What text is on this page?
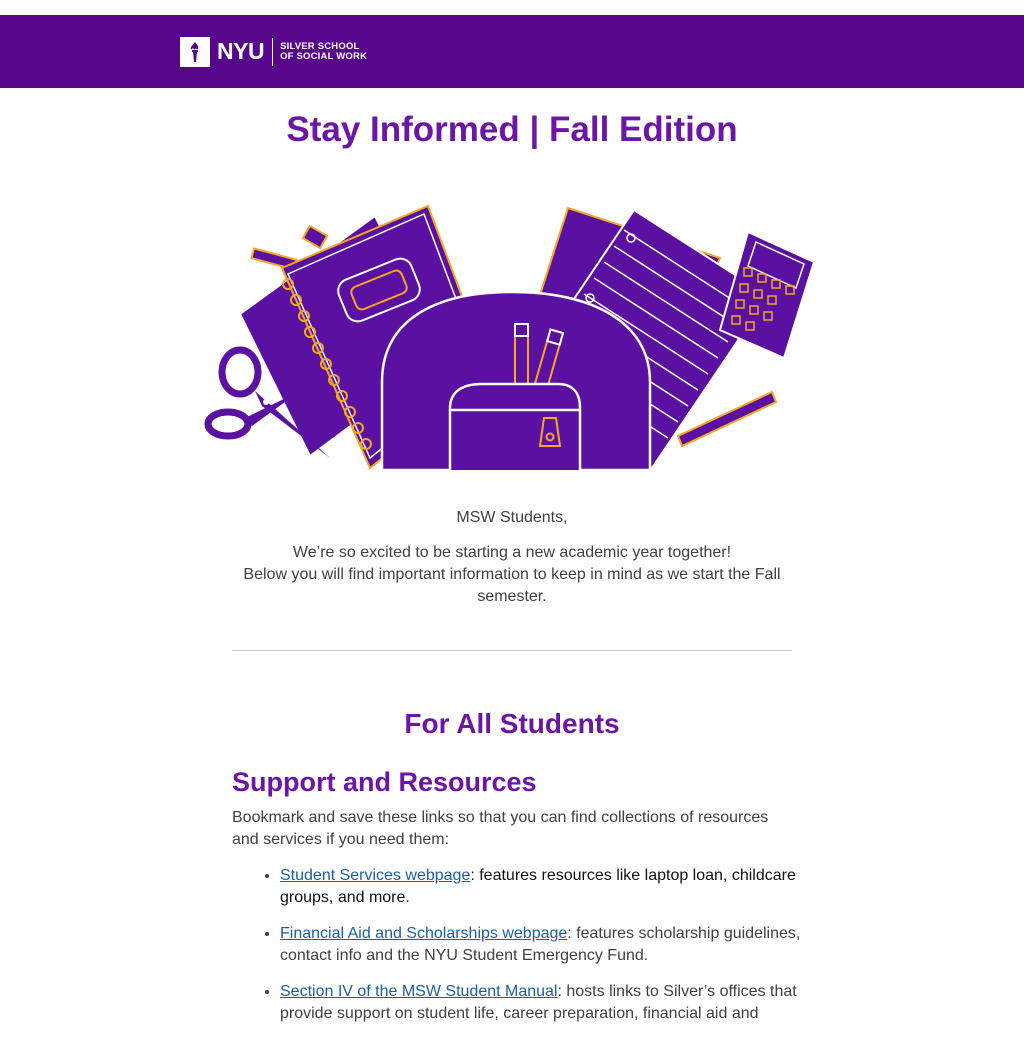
NYU SILVER SCHOOL
OF SOCIAL WORK
Stay Informed | Fall Edition

MSW Students,

We’re so excited to be starting a new academic year together!

Below you will find important information to keep in mind as we start the Fall semester.

For All Students
Support and Resources
Bookmark and save these links so that you can find collections of resources and services if you need them:
• Student Services webpage: features resources like laptop loan, childcare groups, and more.
• Financial Aid and Scholarships webpage: features scholarship guidelines, contact info and the NYU Student Emergency Fund.
• Section IV of the MSW Student Manual: hosts links to Silver’s offices that provide support on student life, career preparation, financial aid and
